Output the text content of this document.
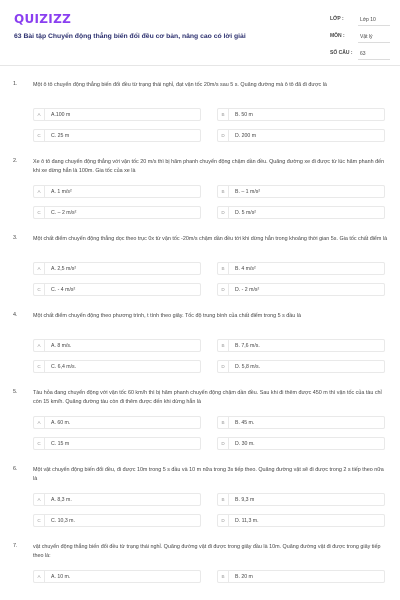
QUIZIZZ
63 Bài tập Chuyển động thẳng biến đổi đều cơ bản, nâng cao có lời giải
LỚP :	Lớp 10
MÔN :	Vật lý
SỐ CÂU :	63
1.	Một ô tô chuyển động thẳng biến đổi đều từ trạng thái nghỉ, đạt vận tốc 20m/s sau 5 s. Quãng đường mà ô tô đã đi được là
A	A.100 m	B	B. 50 m
C	C. 25 m	D	D. 200 m
2.	Xe ô tô đang chuyển động thẳng với vận tốc 20 m/s thì bị hãm phanh chuyển động chậm dần đều. Quãng đường xe đi được từ lúc hãm phanh đến khi xe dừng hẳn là 100m. Gia tốc của xe là
A	A. 1 m/s²	B	B. – 1 m/s²
C	C. – 2 m/s²	D	D. 5 m/s²
3.	Một chất điểm chuyển động thẳng dọc theo trục 0x từ vận tốc -20m/s chậm dần đều tới khi dừng hẳn trong khoảng thời gian 5s. Gia tốc chất điểm là
A	A. 2,5 m/s²	B	B. 4 m/s²
C	C. - 4 m/s²	D	D. - 2 m/s²
4.	Một chất điểm chuyển động theo phương trình, t tính theo giây. Tốc độ trung bình của chất điểm trong 5 s đầu là
A	A. 8 m/s.	B	B. 7,6 m/s.
C	C. 6,4 m/s.	D	D. 5,8 m/s.
5.	Tàu hỏa đang chuyển động với vận tốc 60 km/h thì bị hãm phanh chuyển động chậm dần đều. Sau khi đi thêm được 450 m thì vận tốc của tàu chỉ còn 15 km/h. Quãng đường tàu còn đi thêm được đến khi dừng hẳn là
A	A. 60 m.	B	B. 45 m.
C	C. 15 m	D	D. 30 m.
6.	Một vật chuyển động biến đổi đều, đi được 10m trong 5 s đầu và 10 m nữa trong 3s tiếp theo. Quãng đường vật sẽ đi được trong 2 s tiếp theo nữa là
A	A. 8,3 m.	B	B. 9,3 m
C	C. 10,3 m.	D	D. 11,3 m.
7.	vật chuyển động thẳng biến đổi đều từ trạng thái nghỉ. Quãng đường vật đi được trong giây đầu là 10m. Quãng đường vật đi được trong giây tiếp theo là:
A	A. 10 m.	B	B. 20 m
